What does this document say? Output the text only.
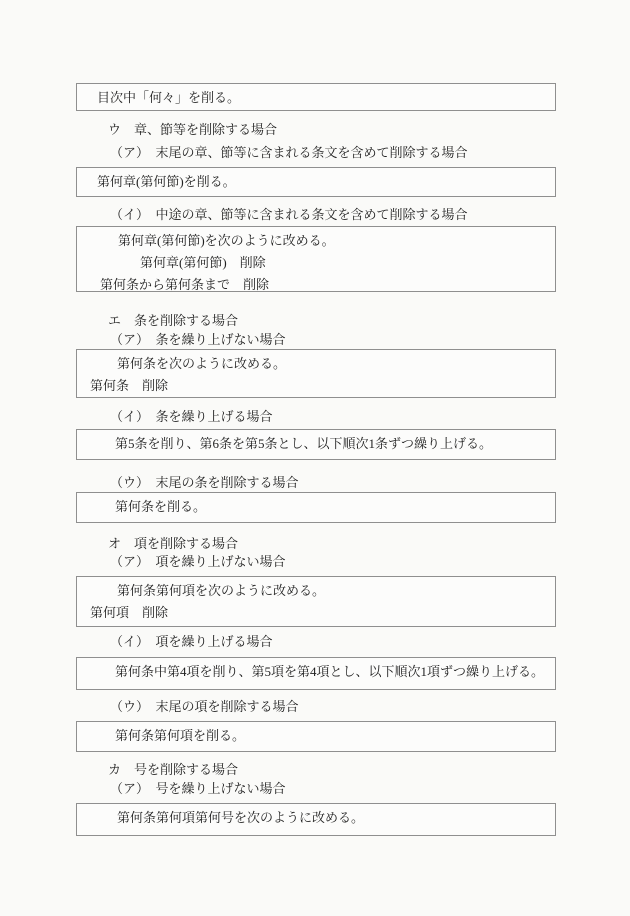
目次中「何々」を削る。
ウ　章、節等を削除する場合
（ア）　末尾の章、節等に含まれる条文を含めて削除する場合
第何章(第何節)を削る。
（イ）　中途の章、節等に含まれる条文を含めて削除する場合
第何章(第何節)を次のように改める。
第何章(第何節)　削除
第何条から第何条まで　削除
エ　条を削除する場合
（ア）　条を繰り上げない場合
第何条を次のように改める。
第何条　削除
（イ）　条を繰り上げる場合
第5条を削り、第6条を第5条とし、以下順次1条ずつ繰り上げる。
（ウ）　末尾の条を削除する場合
第何条を削る。
オ　項を削除する場合
（ア）　項を繰り上げない場合
第何条第何項を次のように改める。
第何項　削除
（イ）　項を繰り上げる場合
第何条中第4項を削り、第5項を第4項とし、以下順次1項ずつ繰り上げる。
（ウ）　末尾の項を削除する場合
第何条第何項を削る。
カ　号を削除する場合
（ア）　号を繰り上げない場合
第何条第何項第何号を次のように改める。
